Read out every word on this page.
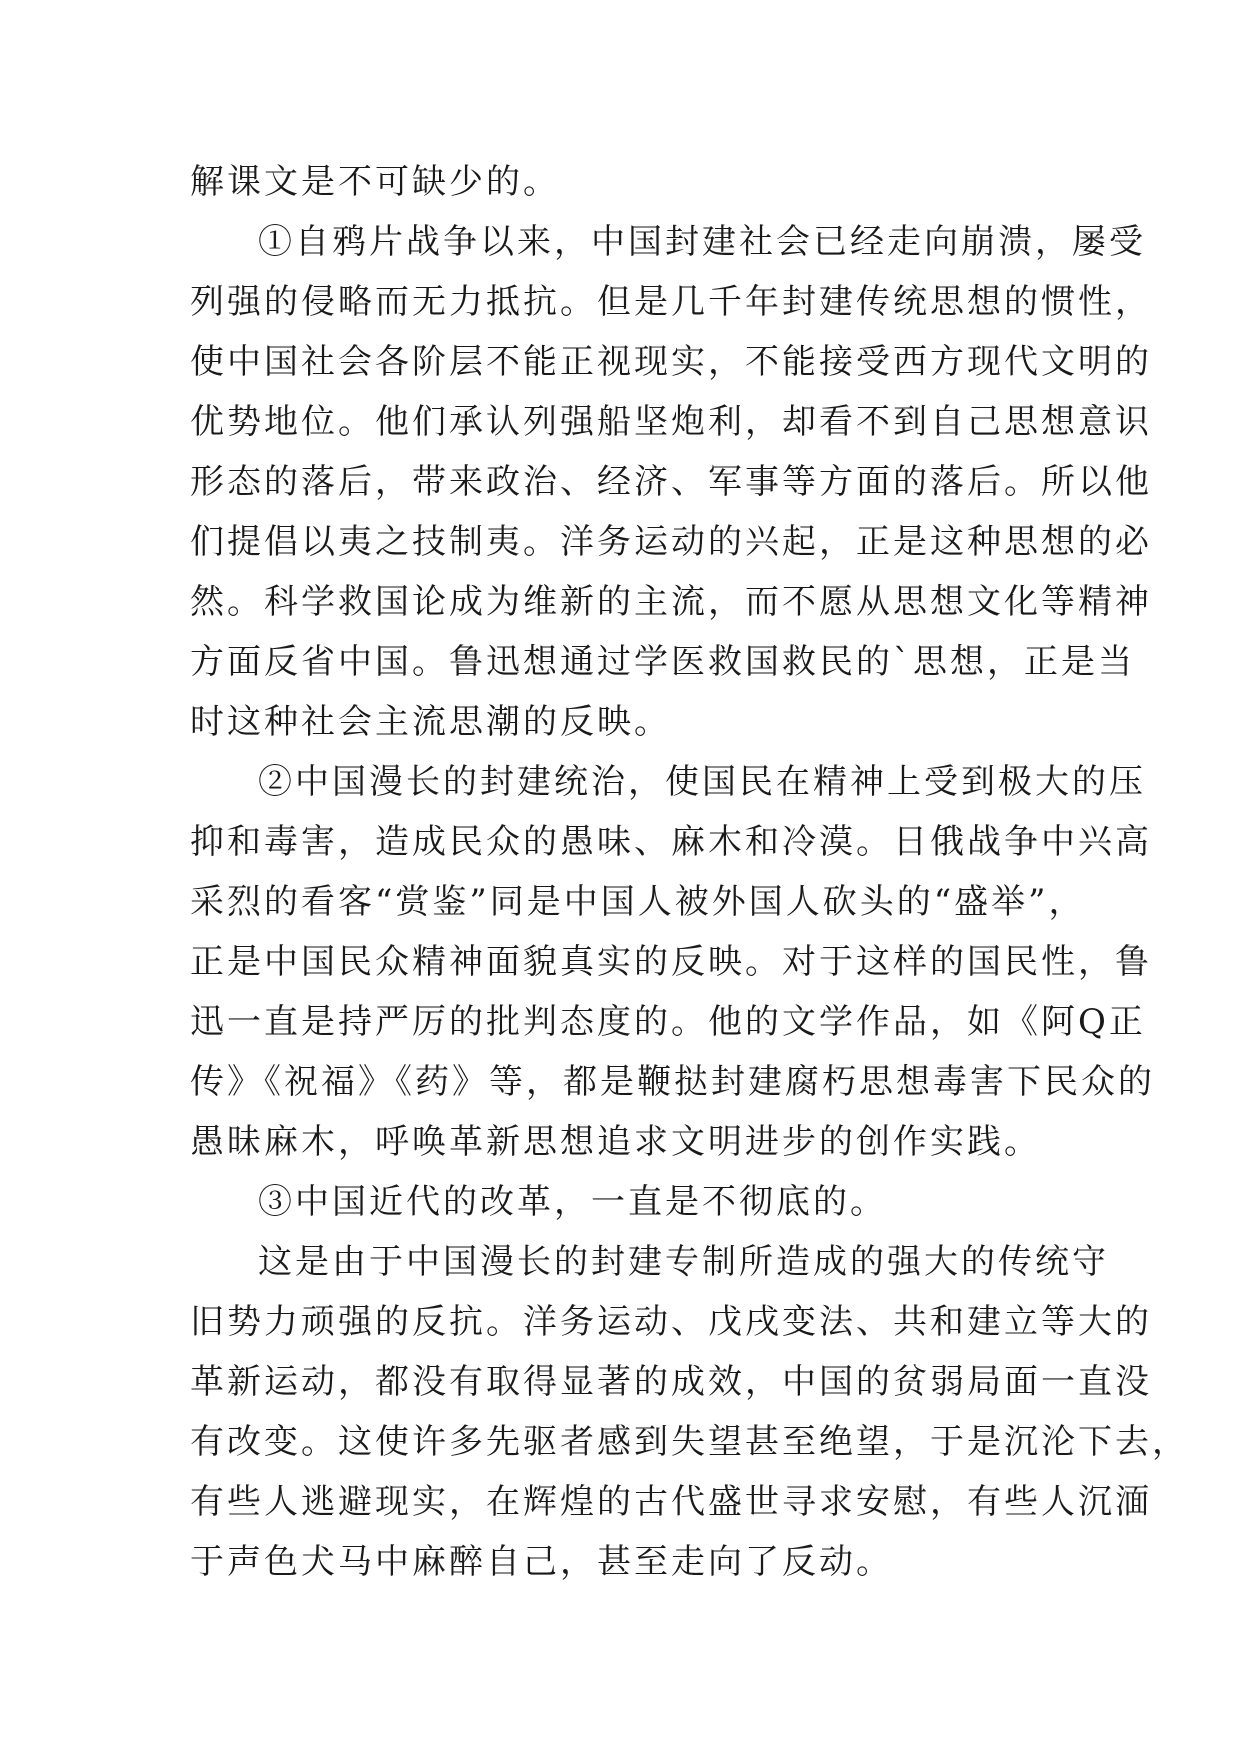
解课文是不可缺少的。
①自鸦片战争以来，中国封建社会已经走向崩溃，屡受
列强的侵略而无力抵抗。但是几千年封建传统思想的惯性，
使中国社会各阶层不能正视现实，不能接受西方现代文明的
优势地位。他们承认列强船坚炮利，却看不到自己思想意识
形态的落后，带来政治、经济、军事等方面的落后。所以他
们提倡以夷之技制夷。洋务运动的兴起，正是这种思想的必
然。科学救国论成为维新的主流，而不愿从思想文化等精神
方面反省中国。鲁迅想通过学医救国救民的`思想，正是当
时这种社会主流思潮的反映。
②中国漫长的封建统治，使国民在精神上受到极大的压
抑和毒害，造成民众的愚味、麻木和冷漠。日俄战争中兴高
采烈的看客“赏鉴”同是中国人被外国人砍头的“盛举”，
正是中国民众精神面貌真实的反映。对于这样的国民性，鲁
迅一直是持严厉的批判态度的。他的文学作品，如《阿Q正
传》《祝福》《药》等，都是鞭挞封建腐朽思想毒害下民众的
愚昧麻木，呼唤革新思想追求文明进步的创作实践。
③中国近代的改革，一直是不彻底的。
这是由于中国漫长的封建专制所造成的强大的传统守
旧势力顽强的反抗。洋务运动、戊戌变法、共和建立等大的
革新运动，都没有取得显著的成效，中国的贫弱局面一直没
有改变。这使许多先驱者感到失望甚至绝望，于是沉沦下去，
有些人逃避现实，在辉煌的古代盛世寻求安慰，有些人沉湎
于声色犬马中麻醉自己，甚至走向了反动。
